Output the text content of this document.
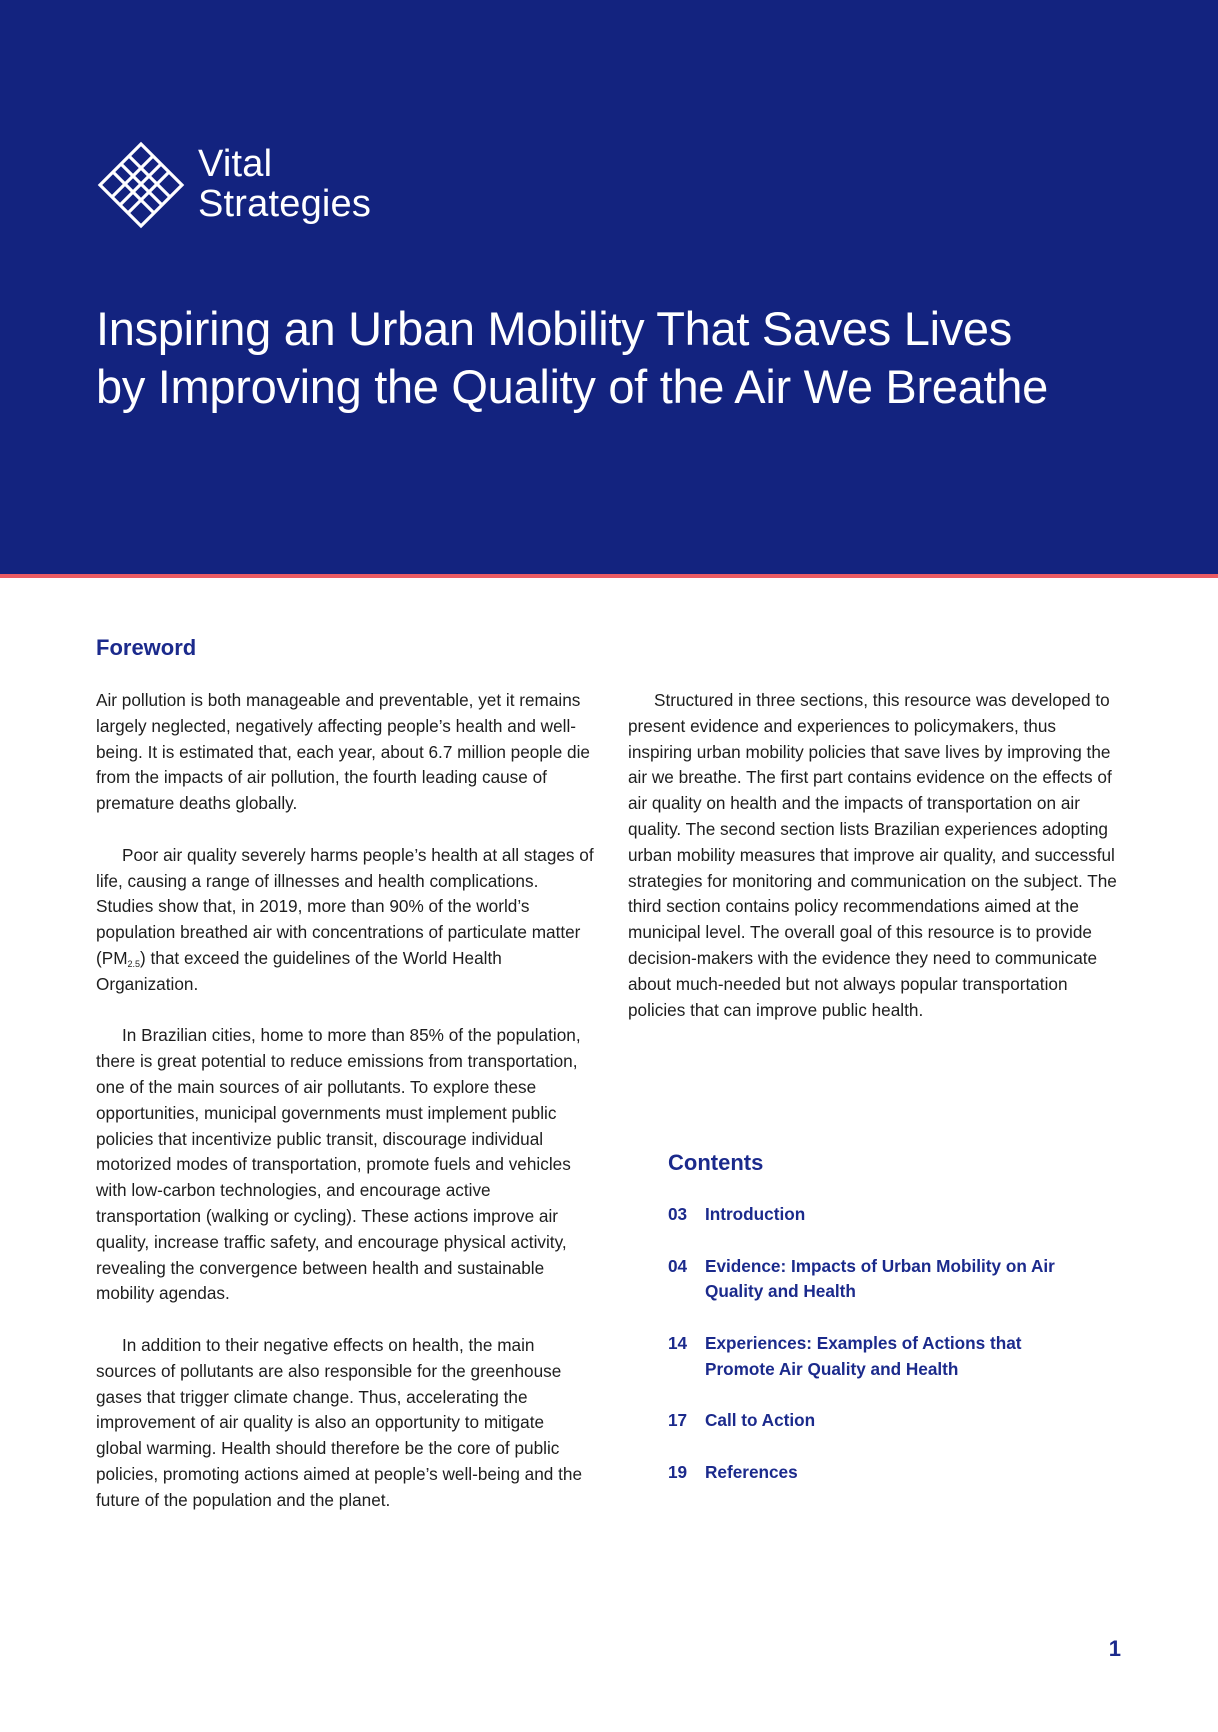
Vital
Strategies
Inspiring an Urban Mobility That Saves Lives by Improving the Quality of the Air We Breathe
Foreword

Air pollution is both manageable and preventable, yet it remains largely neglected, negatively affecting people’s health and well-being. It is estimated that, each year, about 6.7 million people die from the impacts of air pollution, the fourth leading cause of premature deaths globally.

Poor air quality severely harms people’s health at all stages of life, causing a range of illnesses and health complications. Studies show that, in 2019, more than 90% of the world’s population breathed air with concentrations of particulate matter $(PM_{2.5})$ that exceed the guidelines of the World Health Organization.

In Brazilian cities, home to more than 85% of the population, there is great potential to reduce emissions from transportation, one of the main sources of air pollutants. To explore these opportunities, municipal governments must implement public policies that incentivize public transit, discourage individual motorized modes of transportation, promote fuels and vehicles with low-carbon technologies, and encourage active transportation (walking or cycling). These actions improve air quality, increase traffic safety, and encourage physical activity, revealing the convergence between health and sustainable mobility agendas.

In addition to their negative effects on health, the main sources of pollutants are also responsible for the greenhouse gases that trigger climate change. Thus, accelerating the improvement of air quality is also an opportunity to mitigate global warming. Health should therefore be the core of public policies, promoting actions aimed at people’s well-being and the future of the population and the planet.

Structured in three sections, this resource was developed to present evidence and experiences to policymakers, thus inspiring urban mobility policies that save lives by improving the air we breathe. The first part contains evidence on the effects of air quality on health and the impacts of transportation on air quality. The second section lists Brazilian experiences adopting urban mobility measures that improve air quality, and successful strategies for monitoring and communication on the subject. The third section contains policy recommendations aimed at the municipal level. The overall goal of this resource is to provide decision-makers with the evidence they need to communicate about much-needed but not always popular transportation policies that can improve public health.

Contents
03	Introduction
04	Evidence: Impacts of Urban Mobility on Air Quality and Health
14	Experiences: Examples of Actions that Promote Air Quality and Health
17	Call to Action
19	References
1
